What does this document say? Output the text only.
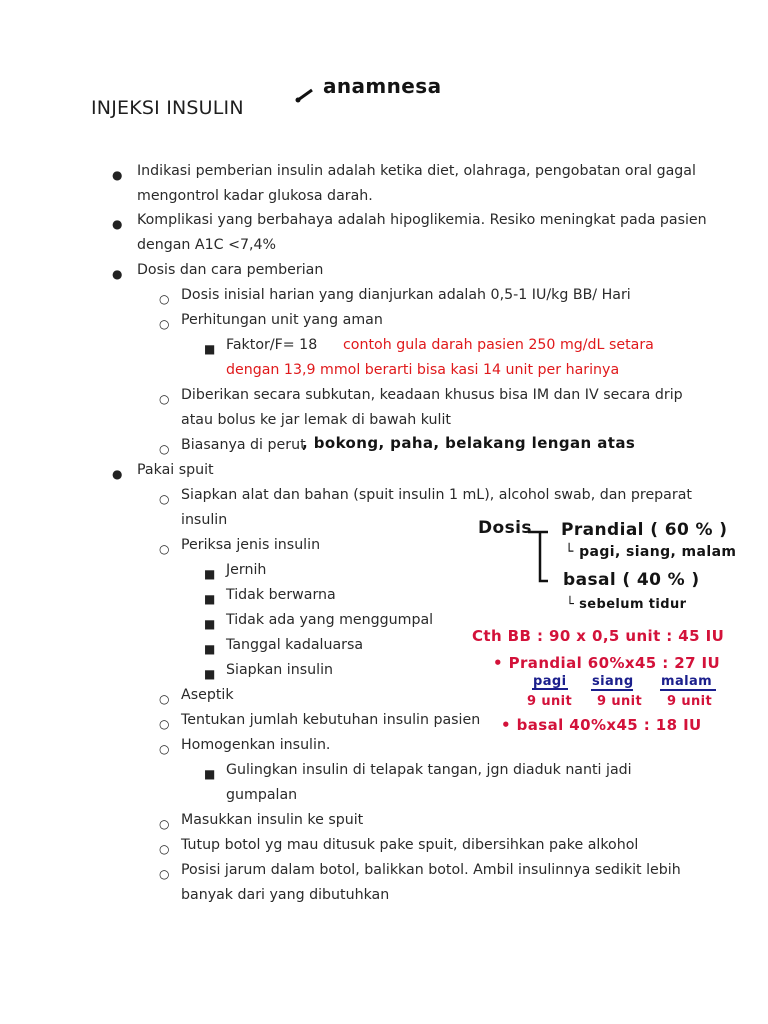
INJEKSI INSULIN
anamnesa
● Indikasi pemberian insulin adalah ketika diet, olahraga, pengobatan oral gagal
mengontrol kadar glukosa darah.
● Komplikasi yang berbahaya adalah hipoglikemia. Resiko meningkat pada pasien
dengan A1C <7,4%
● Dosis dan cara pemberian
○ Dosis inisial harian yang dianjurkan adalah 0,5-1 IU/kg BB/ Hari
○ Perhitungan unit yang aman
■ Faktor/F= 18 contoh gula darah pasien 250 mg/dL setara
dengan 13,9 mmol berarti bisa kasi 14 unit per harinya
○ Diberikan secara subkutan, keadaan khusus bisa IM dan IV secara drip
atau bolus ke jar lemak di bawah kulit
○ Biasanya di perut
, bokong, paha, belakang lengan atas
● Pakai spuit
○ Siapkan alat dan bahan (spuit insulin 1 mL), alcohol swab, dan preparat
insulin
○ Periksa jenis insulin
■ Jernih
■ Tidak berwarna
■ Tidak ada yang menggumpal
■ Tanggal kadaluarsa
■ Siapkan insulin
○ Aseptik
○ Tentukan jumlah kebutuhan insulin pasien
○ Homogenkan insulin.
■ Gulingkan insulin di telapak tangan, jgn diaduk nanti jadi
gumpalan
○ Masukkan insulin ke spuit
○ Tutup botol yg mau ditusuk pake spuit, dibersihkan pake alkohol
○ Posisi jarum dalam botol, balikkan botol. Ambil insulinnya sedikit lebih
banyak dari yang dibutuhkan
Dosis Prandial ( 60 % )
└ pagi, siang, malam
basal ( 40 % )
└ sebelum tidur
Cth BB : 90 x 0,5 unit : 45 IU
• Prandial 60%x45 : 27 IU
pagi siang malam
9 unit 9 unit 9 unit
• basal 40%x45 : 18 IU
